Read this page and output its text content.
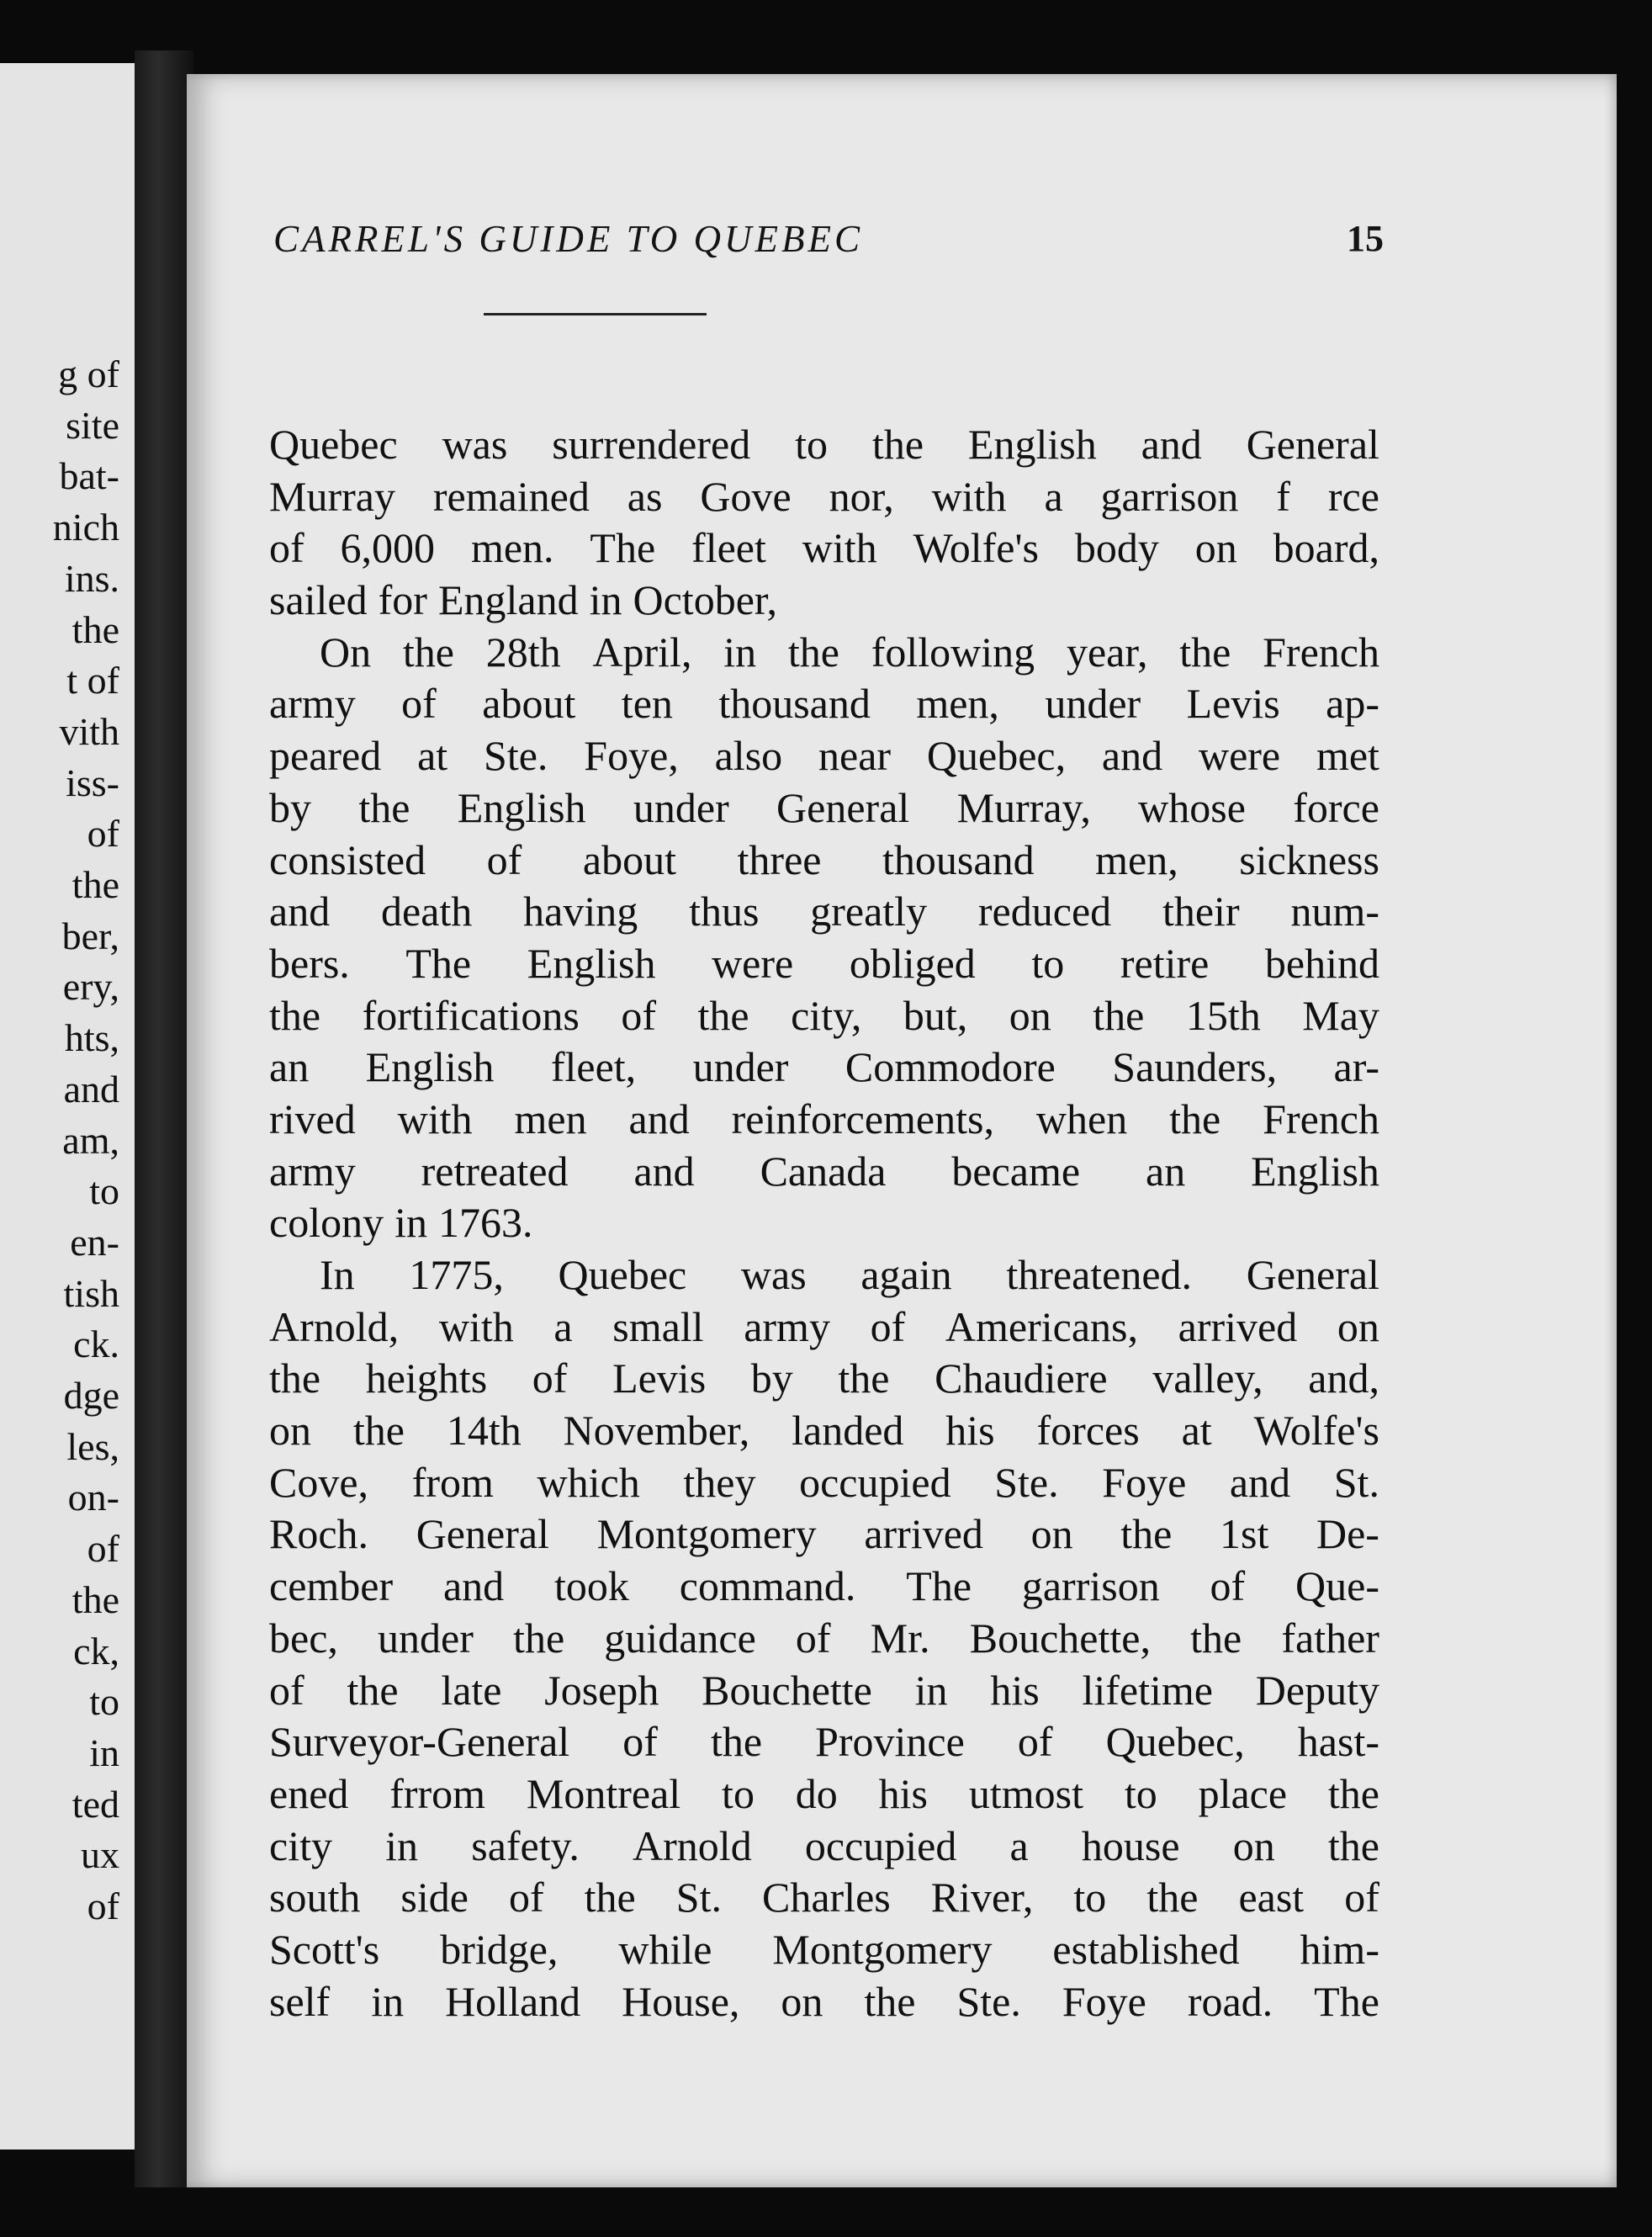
g of
site
bat-
nich
ins.
the
t of
vith
iss-
of
the
ber,
ery,
hts,
and
am,
to
en-
tish
ck.
dge
les,
on-
of
the
ck,
to
in
ted
ux
of
CARREL'S GUIDE TO QUEBEC	15
Quebec was surrendered to the English and General
Murray remained as Gove nor, with a garrison f rce
of 6,000 men. The fleet with Wolfe's body on board,
sailed for England in October,
On the 28th April, in the following year, the French
army of about ten thousand men, under Levis ap-
peared at Ste. Foye, also near Quebec, and were met
by the English under General Murray, whose force
consisted of about three thousand men, sickness
and death having thus greatly reduced their num-
bers. The English were obliged to retire behind
the fortifications of the city, but, on the 15th May
an English fleet, under Commodore Saunders, ar-
rived with men and reinforcements, when the French
army retreated and Canada became an English
colony in 1763.
In 1775, Quebec was again threatened. General
Arnold, with a small army of Americans, arrived on
the heights of Levis by the Chaudiere valley, and,
on the 14th November, landed his forces at Wolfe's
Cove, from which they occupied Ste. Foye and St.
Roch. General Montgomery arrived on the 1st De-
cember and took command. The garrison of Que-
bec, under the guidance of Mr. Bouchette, the father
of the late Joseph Bouchette in his lifetime Deputy
Surveyor-General of the Province of Quebec, hast-
ened frrom Montreal to do his utmost to place the
city in safety. Arnold occupied a house on the
south side of the St. Charles River, to the east of
Scott's bridge, while Montgomery established him-
self in Holland House, on the Ste. Foye road. The
